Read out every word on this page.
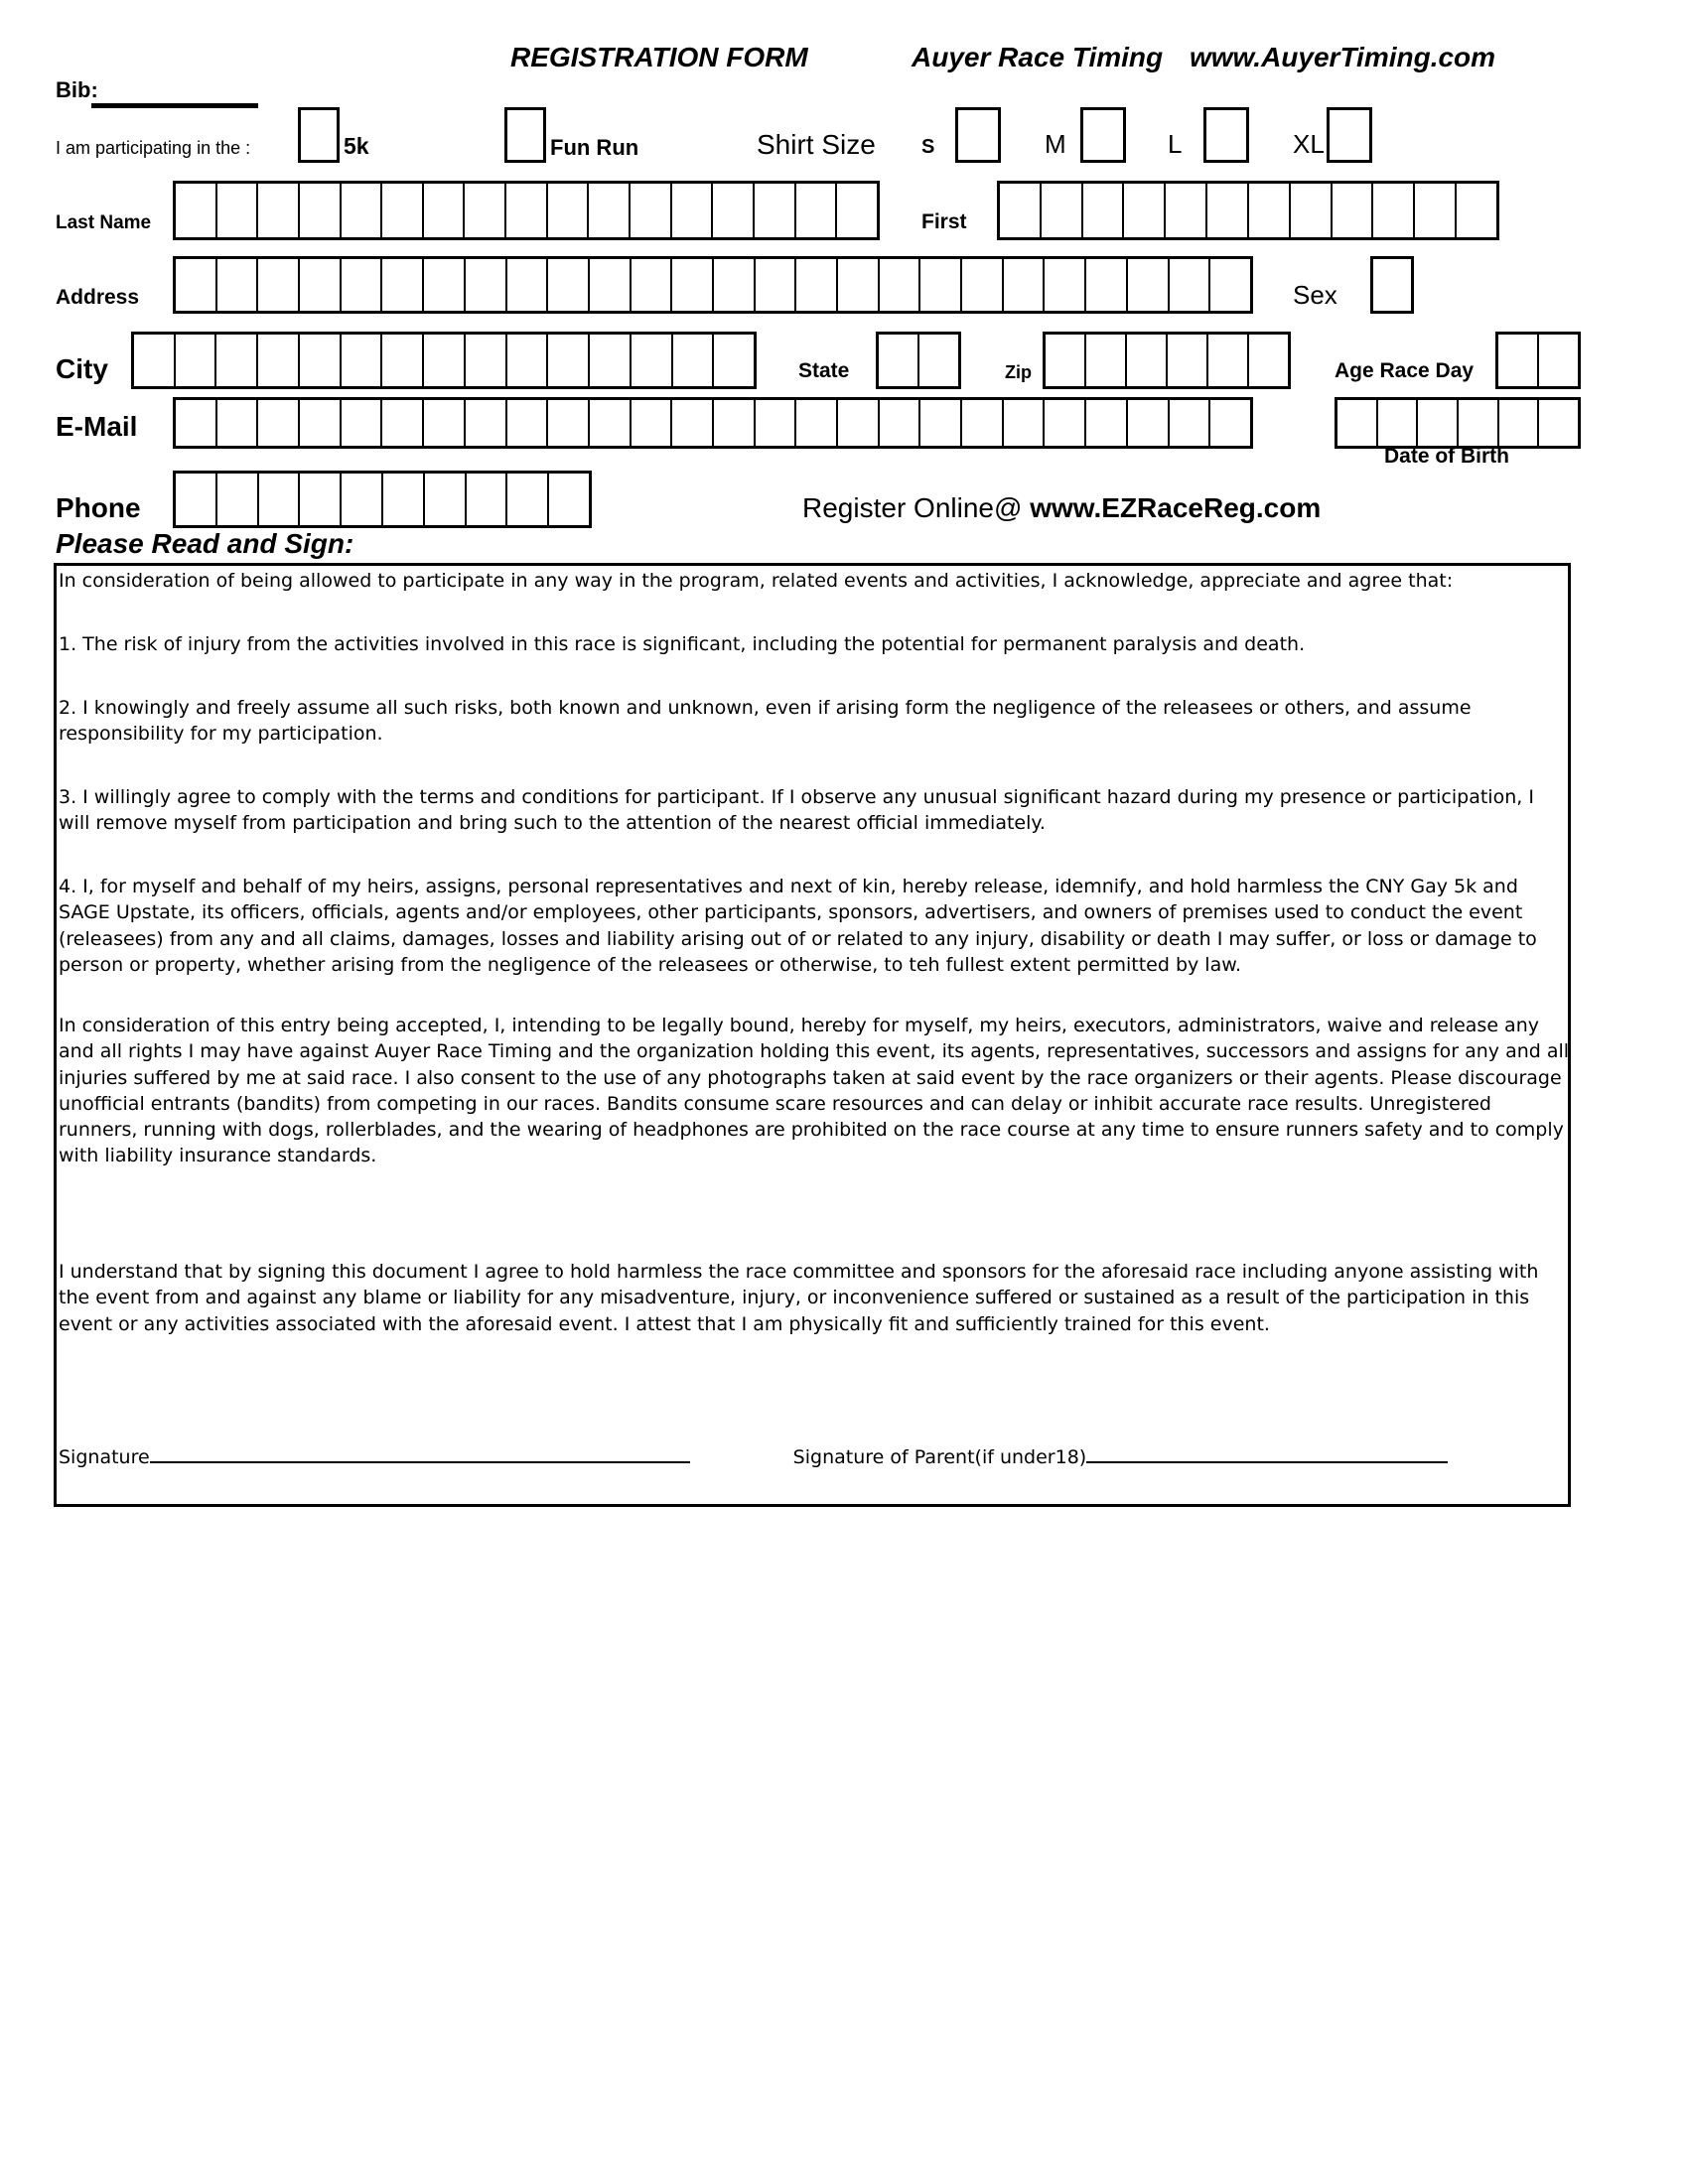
REGISTRATION FORM	Auyer Race Timing www.AuyerTiming.com
Bib:
I am participating in the :	5k	Fun Run	Shirt Size S	M	L	XL
Last Name	First
Address	Sex
City	State	Zip	Age Race Day
E-Mail
Date of Birth
Phone	Register Online@ www.EZRaceReg.com
Please Read and Sign:

In consideration of being allowed to participate in any way in the program, related events and activities, I acknowledge, appreciate and agree that:

1. The risk of injury from the activities involved in this race is significant, including the potential for permanent paralysis and death.

2. I knowingly and freely assume all such risks, both known and unknown, even if arising form the negligence of the releasees or others, and assume responsibility for my participation.

3. I willingly agree to comply with the terms and conditions for participant. If I observe any unusual significant hazard during my presence or participation, I will remove myself from participation and bring such to the attention of the nearest official immediately.

4. I, for myself and behalf of my heirs, assigns, personal representatives and next of kin, hereby release, idemnify, and hold harmless the CNY Gay 5k and SAGE Upstate, its officers, officials, agents and/or employees, other participants, sponsors, advertisers, and owners of premises used to conduct the event (releasees) from any and all claims, damages, losses and liability arising out of or related to any injury, disability or death I may suffer, or loss or damage to person or property, whether arising from the negligence of the releasees or otherwise, to teh fullest extent permitted by law.

In consideration of this entry being accepted, I, intending to be legally bound, hereby for myself, my heirs, executors, administrators, waive and release any and all rights I may have against Auyer Race Timing and the organization holding this event, its agents, representatives, successors and assigns for any and all injuries suffered by me at said race. I also consent to the use of any photographs taken at said event by the race organizers or their agents. Please discourage unofficial entrants (bandits) from competing in our races. Bandits consume scare resources and can delay or inhibit accurate race results. Unregistered runners, running with dogs, rollerblades, and the wearing of headphones are prohibited on the race course at any time to ensure runners safety and to comply with liability insurance standards.

I understand that by signing this document I agree to hold harmless the race committee and sponsors for the aforesaid race including anyone assisting with the event from and against any blame or liability for any misadventure, injury, or inconvenience suffered or sustained as a result of the participation in this event or any activities associated with the aforesaid event. I attest that I am physically fit and sufficiently trained for this event.

Signature	Signature of Parent(if under18)
